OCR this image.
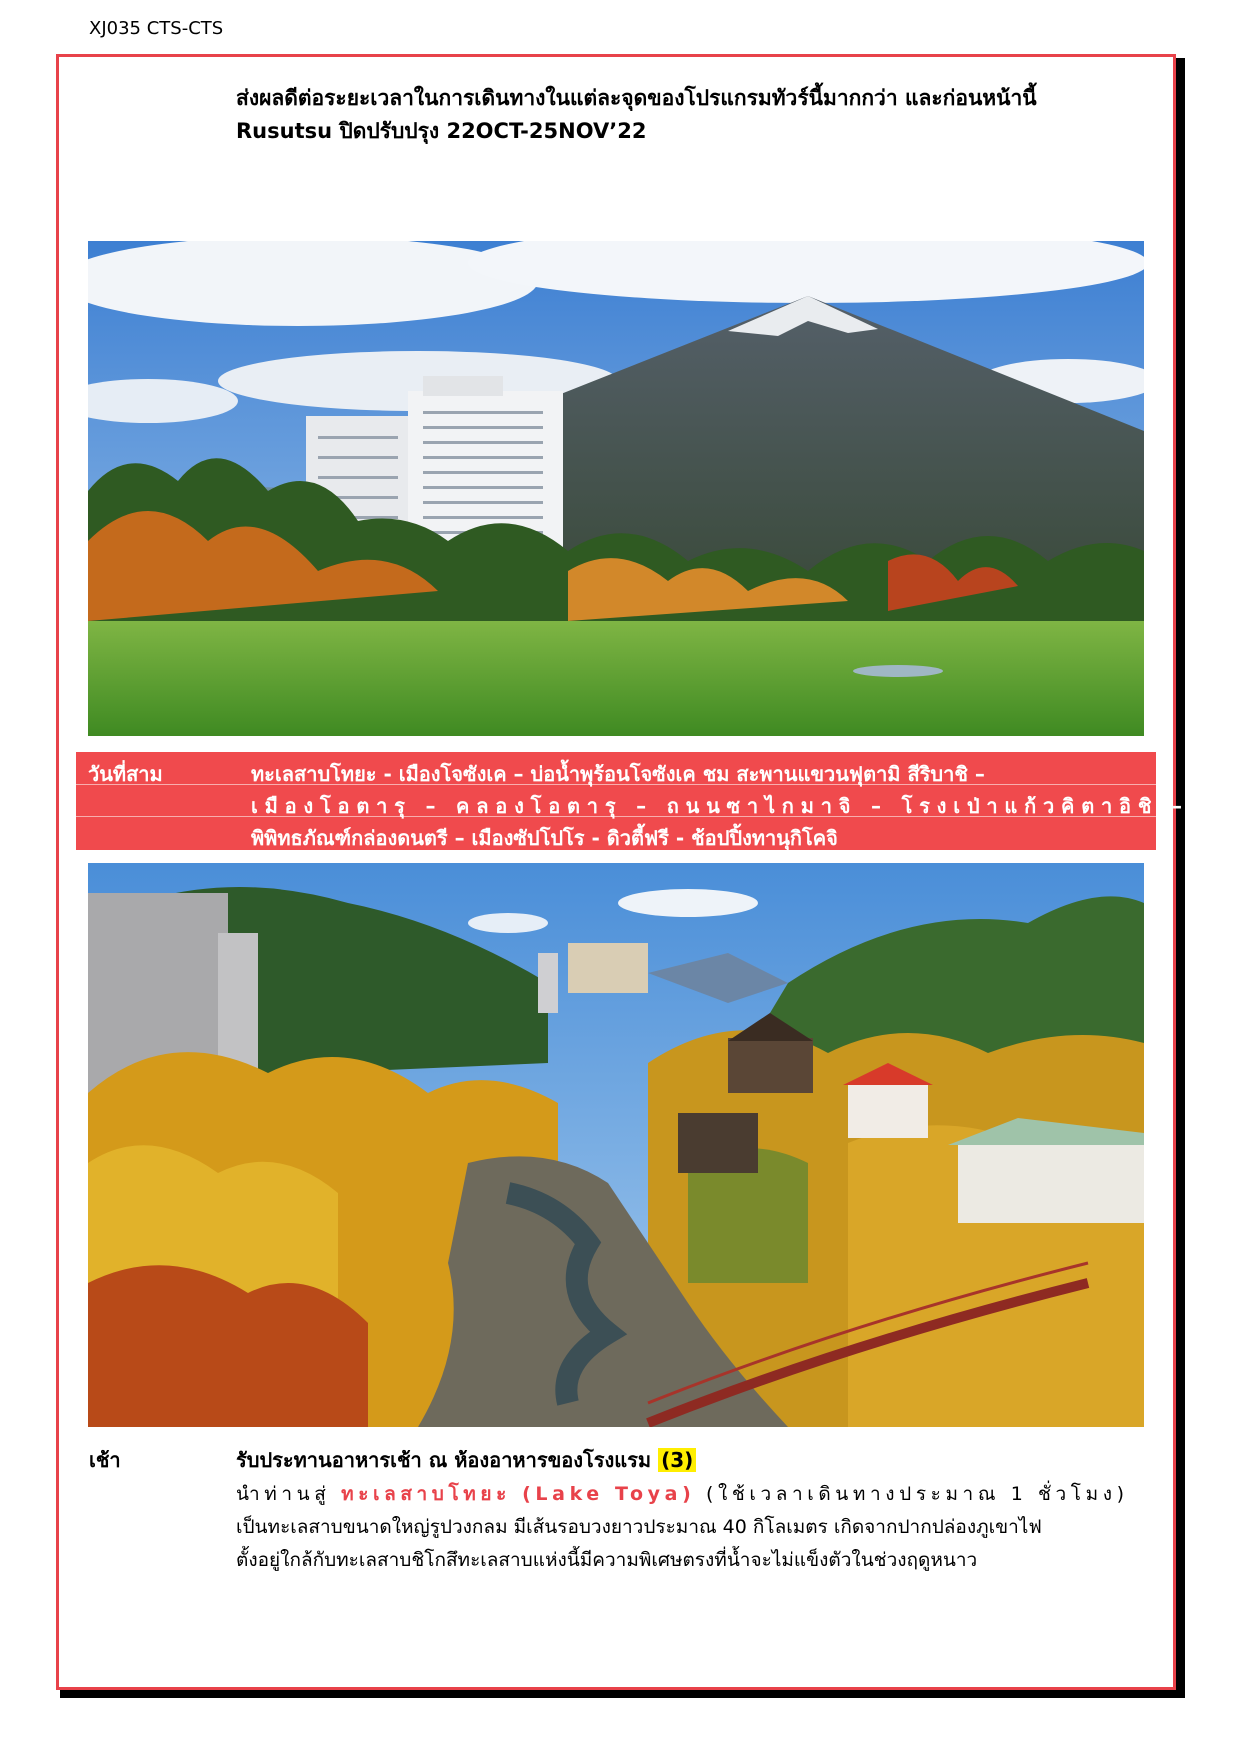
XJ035 CTS-CTS
ส่งผลดีต่อระยะเวลาในการเดินทางในแต่ละจุดของโปรแกรมทัวร์นี้มากกว่า และก่อนหน้านี้
Rusutsu ปิดปรับปรุง 22OCT-25NOV’22
วันที่สาม	ทะเลสาบโทยะ - เมืองโจซังเค – บ่อน้ำพุร้อนโจซังเค ชม สะพานแขวนฟุตามิ สีริบาชิ –
เมืองโอตารุ – คลองโอตารุ – ถนนซาไกมาจิ – โรงเป่าแก้วคิตาอิชิ –
พิพิทธภัณฑ์กล่องดนตรี – เมืองซัปโปโร - ดิวตี้ฟรี - ช้อปปิ้งทานุกิโคจิ
เช้า	รับประทานอาหารเช้า ณ ห้องอาหารของโรงแรม (3)
นำท่านสู่ ทะเลสาบโทยะ (Lake Toya) (ใช้เวลาเดินทางประมาณ 1 ชั่วโมง)
เป็นทะเลสาบขนาดใหญ่รูปวงกลม มีเส้นรอบวงยาวประมาณ 40 กิโลเมตร เกิดจากปากปล่องภูเขาไฟ
ตั้งอยู่ใกล้กับทะเลสาบชิโกสึทะเลสาบแห่งนี้มีความพิเศษตรงที่น้ำจะไม่แข็งตัวในช่วงฤดูหนาว
